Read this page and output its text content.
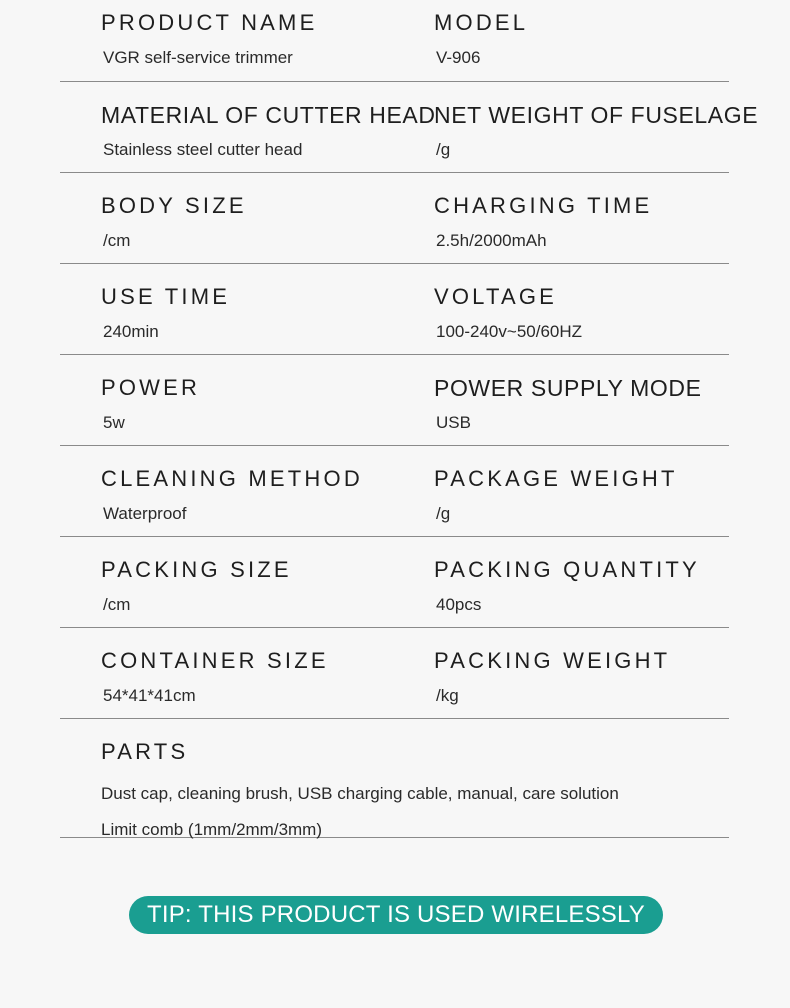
PRODUCT NAME
VGR self-service trimmer
MODEL
V-906
MATERIAL OF CUTTER HEAD
Stainless steel cutter head
NET WEIGHT OF FUSELAGE
/g
BODY SIZE
/cm
CHARGING TIME
2.5h/2000mAh
USE TIME
240min
VOLTAGE
100-240v~50/60HZ
POWER
5w
POWER SUPPLY MODE
USB
CLEANING METHOD
Waterproof
PACKAGE WEIGHT
/g
PACKING SIZE
/cm
PACKING QUANTITY
40pcs
CONTAINER SIZE
54*41*41cm
PACKING WEIGHT
/kg
PARTS
Dust cap, cleaning brush, USB charging cable, manual, care solution
Limit comb (1mm/2mm/3mm)
TIP: THIS PRODUCT IS USED WIRELESSLY
